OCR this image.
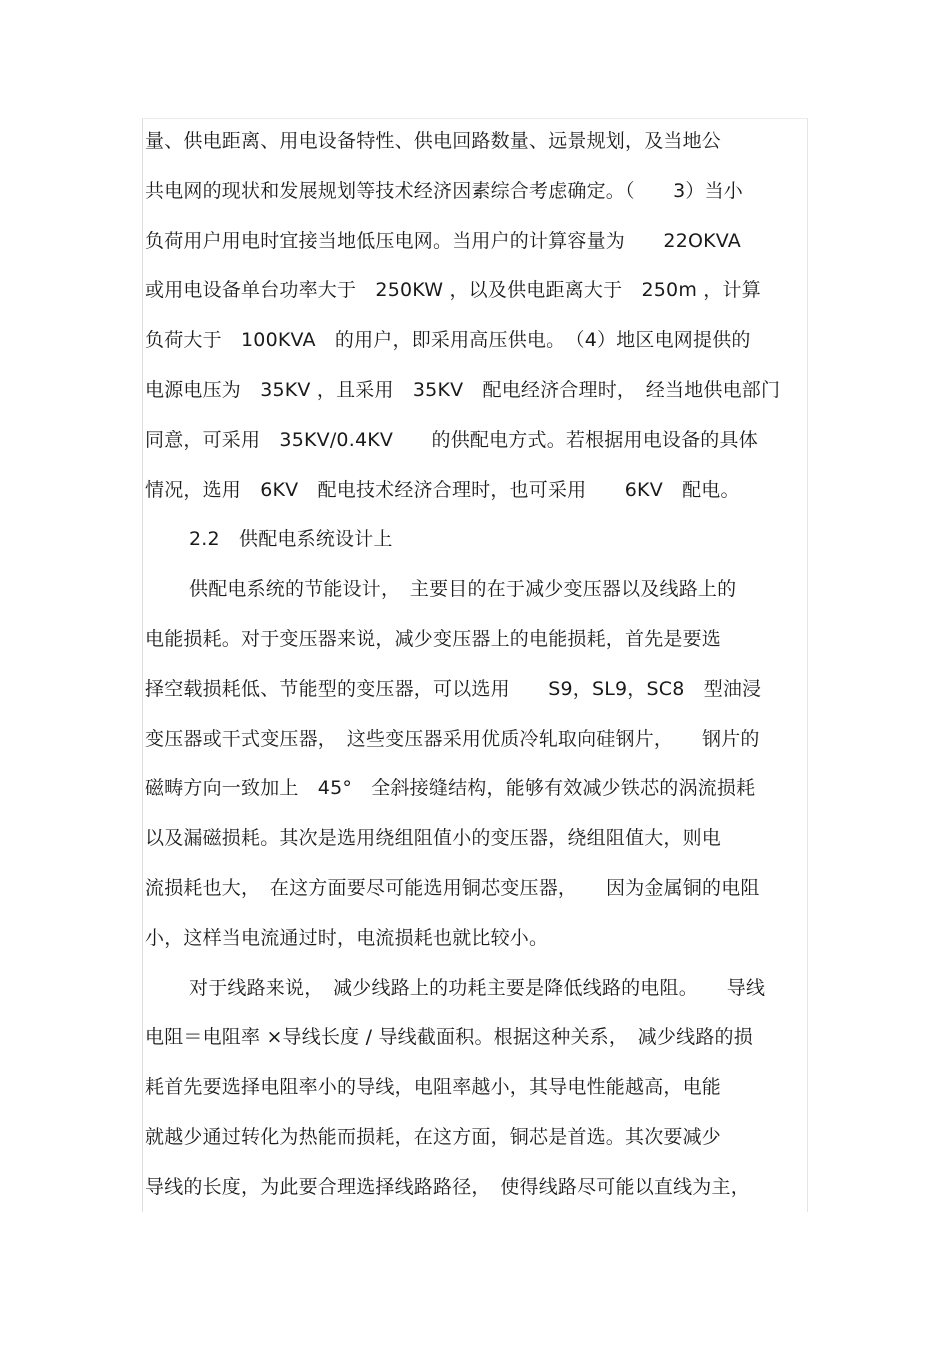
量、供电距离、用电设备特性、供电回路数量、远景规划，及当地公
共电网的现状和发展规划等技术经济因素综合考虑确定。（　　3）当小
负荷用户用电时宜接当地低压电网。当用户的计算容量为　　22OKVA
或用电设备单台功率大于　250KW ，以及供电距离大于　250m ，计算
负荷大于　100KVA　的用户，即采用高压供电。　（4）地区电网提供的
电源电压为　35KV ，且采用　35KV　配电经济合理时，　经当地供电部门
同意，可采用　35KV/0.4KV　　的供配电方式。若根据用电设备的具体
情况，选用　6KV　配电技术经济合理时，也可采用　　6KV　配电。
2.2　供配电系统设计上
供配电系统的节能设计，　主要目的在于减少变压器以及线路上的
电能损耗。对于变压器来说，减少变压器上的电能损耗，首先是要选
择空载损耗低、节能型的变压器，可以选用　　S9，SL9，SC8　型油浸
变压器或干式变压器，　这些变压器采用优质冷轧取向硅钢片，　　钢片的
磁畴方向一致加上　45°　全斜接缝结构，能够有效减少铁芯的涡流损耗
以及漏磁损耗。其次是选用绕组阻值小的变压器，绕组阻值大，则电
流损耗也大，　在这方面要尽可能选用铜芯变压器，　　因为金属铜的电阻
小，这样当电流通过时，电流损耗也就比较小。
对于线路来说，　减少线路上的功耗主要是降低线路的电阻。　　导线
电阻＝电阻率 ×导线长度 / 导线截面积。根据这种关系，　减少线路的损
耗首先要选择电阻率小的导线，电阻率越小，其导电性能越高，电能
就越少通过转化为热能而损耗，在这方面，铜芯是首选。其次要减少
导线的长度，为此要合理选择线路路径，　使得线路尽可能以直线为主，
